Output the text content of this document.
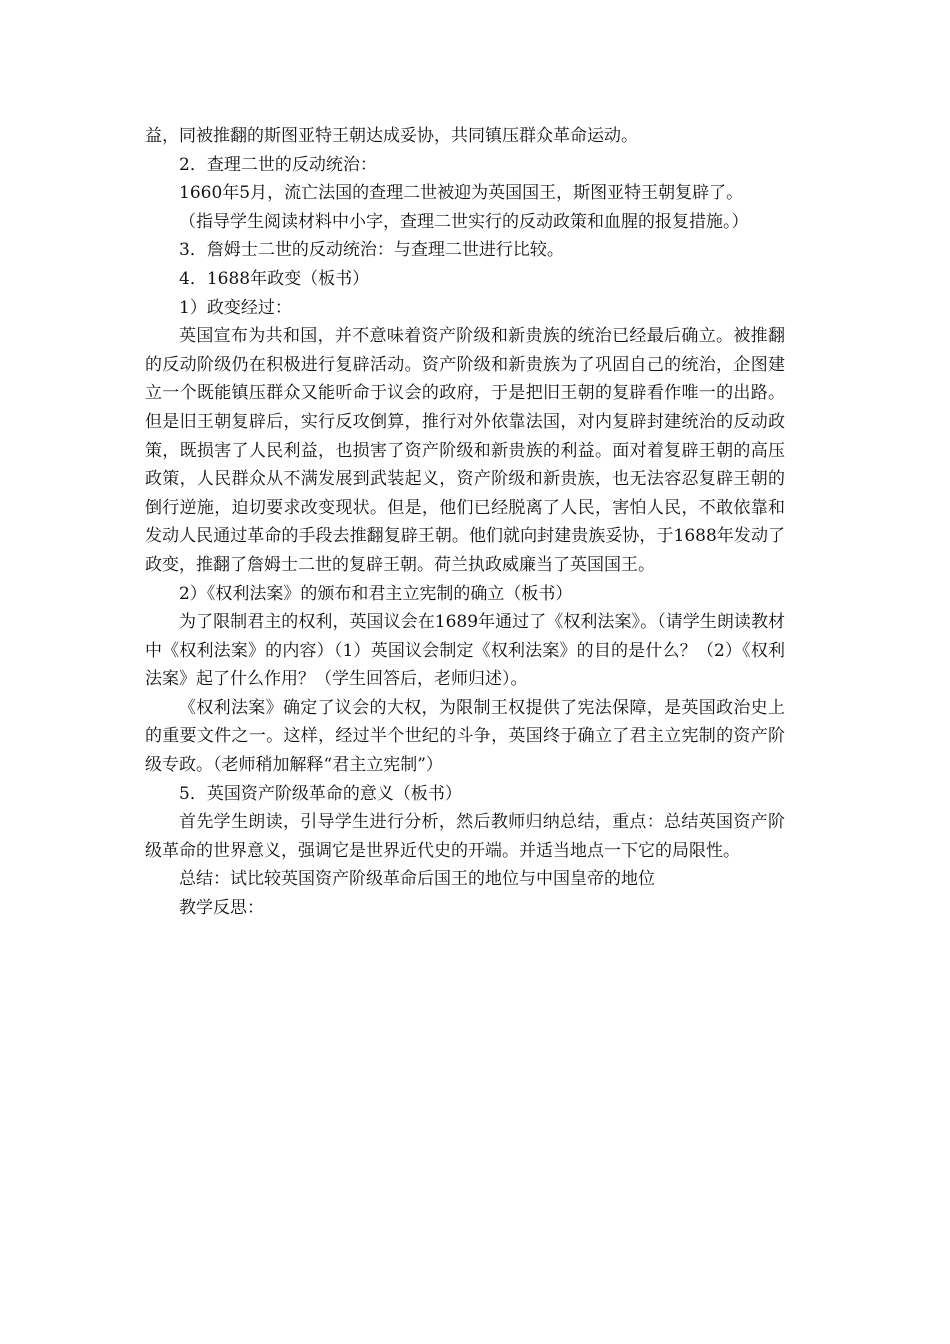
益，同被推翻的斯图亚特王朝达成妥协，共同镇压群众革命运动。

2．查理二世的反动统治：

1660年5月，流亡法国的查理二世被迎为英国国王，斯图亚特王朝复辟了。

（指导学生阅读材料中小字，查理二世实行的反动政策和血腥的报复措施。）

3．詹姆士二世的反动统治：与查理二世进行比较。

4．1688年政变（板书）

1）政变经过：

英国宣布为共和国，并不意味着资产阶级和新贵族的统治已经最后确立。被推翻的反动阶级仍在积极进行复辟活动。资产阶级和新贵族为了巩固自己的统治，企图建立一个既能镇压群众又能听命于议会的政府，于是把旧王朝的复辟看作唯一的出路。但是旧王朝复辟后，实行反攻倒算，推行对外依靠法国，对内复辟封建统治的反动政策，既损害了人民利益，也损害了资产阶级和新贵族的利益。面对着复辟王朝的高压政策，人民群众从不满发展到武装起义，资产阶级和新贵族，也无法容忍复辟王朝的倒行逆施，迫切要求改变现状。但是，他们已经脱离了人民，害怕人民，不敢依靠和发动人民通过革命的手段去推翻复辟王朝。他们就向封建贵族妥协，于1688年发动了政变，推翻了詹姆士二世的复辟王朝。荷兰执政威廉当了英国国王。

2）《权利法案》的颁布和君主立宪制的确立（板书）

为了限制君主的权利，英国议会在1689年通过了《权利法案》。（请学生朗读教材中《权利法案》的内容）（1）英国议会制定《权利法案》的目的是什么？（2）《权利法案》起了什么作用？（学生回答后，老师归述）。

《权利法案》确定了议会的大权，为限制王权提供了宪法保障，是英国政治史上的重要文件之一。这样，经过半个世纪的斗争，英国终于确立了君主立宪制的资产阶级专政。（老师稍加解释“君主立宪制”）

5．英国资产阶级革命的意义（板书）

首先学生朗读，引导学生进行分析，然后教师归纳总结，重点：总结英国资产阶级革命的世界意义，强调它是世界近代史的开端。并适当地点一下它的局限性。

总结：试比较英国资产阶级革命后国王的地位与中国皇帝的地位

教学反思：
